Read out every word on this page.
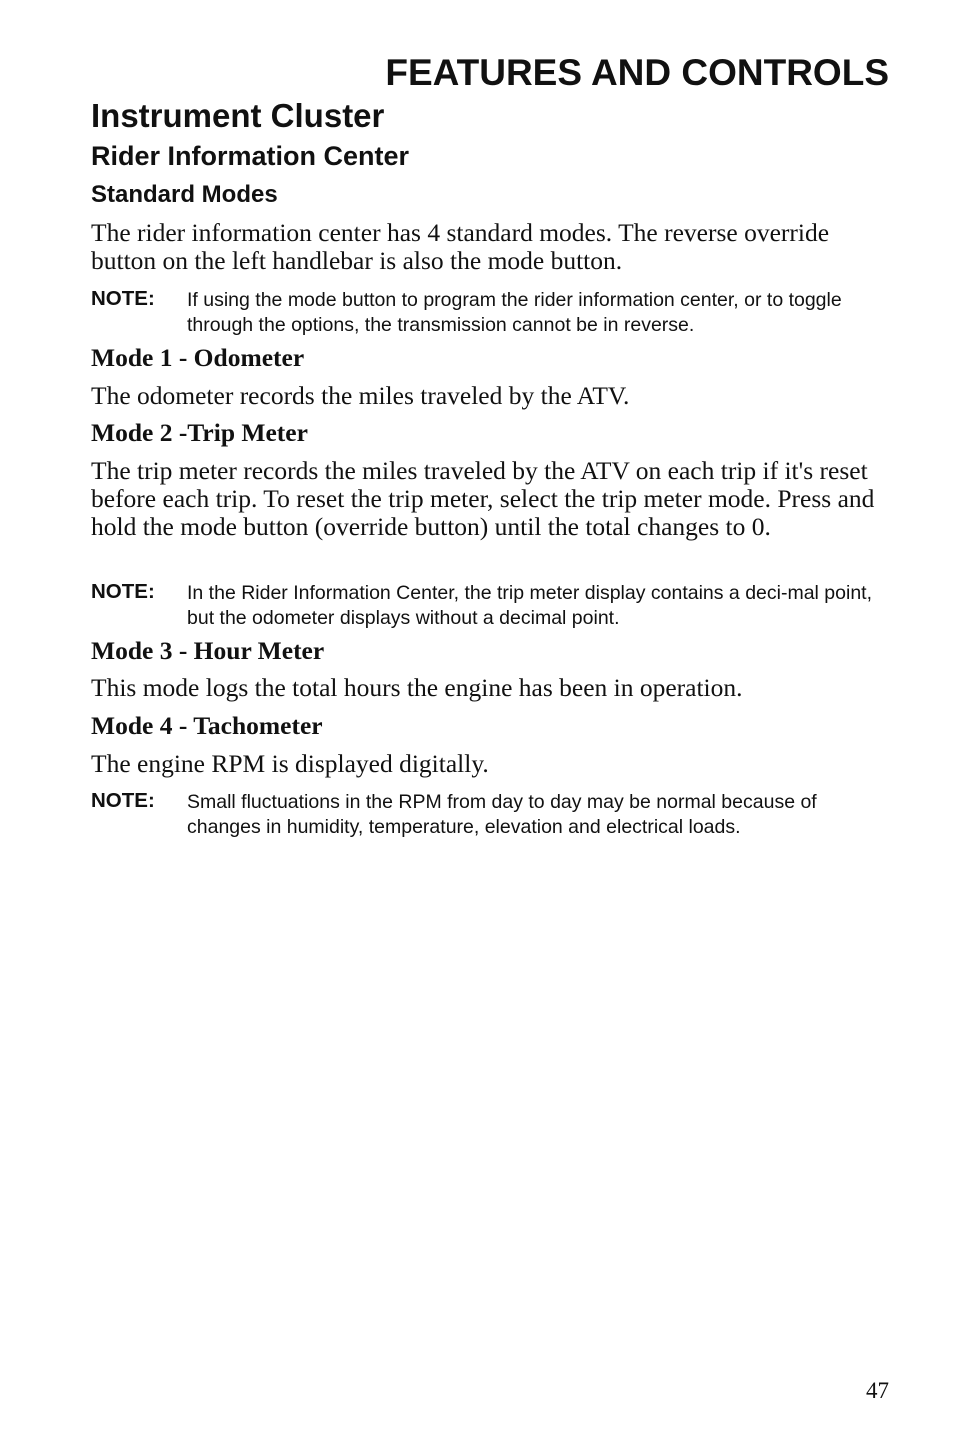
FEATURES AND CONTROLS
Instrument Cluster
Rider Information Center
Standard Modes

The rider information center has 4 standard modes. The reverse override button on the left handlebar is also the mode button.

NOTE: If using the mode button to program the rider information center, or to toggle through the options, the transmission cannot be in reverse.
Mode 1 - Odometer

The odometer records the miles traveled by the ATV.

Mode 2 -Trip Meter

The trip meter records the miles traveled by the ATV on each trip if it's reset before each trip. To reset the trip meter, select the trip meter mode. Press and hold the mode button (override button) until the total changes to 0.

NOTE: In the Rider Information Center, the trip meter display contains a deci-mal point, but the odometer displays without a decimal point.
Mode 3 - Hour Meter

This mode logs the total hours the engine has been in operation.

Mode 4 - Tachometer

The engine RPM is displayed digitally.

NOTE: Small fluctuations in the RPM from day to day may be normal because of changes in humidity, temperature, elevation and electrical loads.
47
